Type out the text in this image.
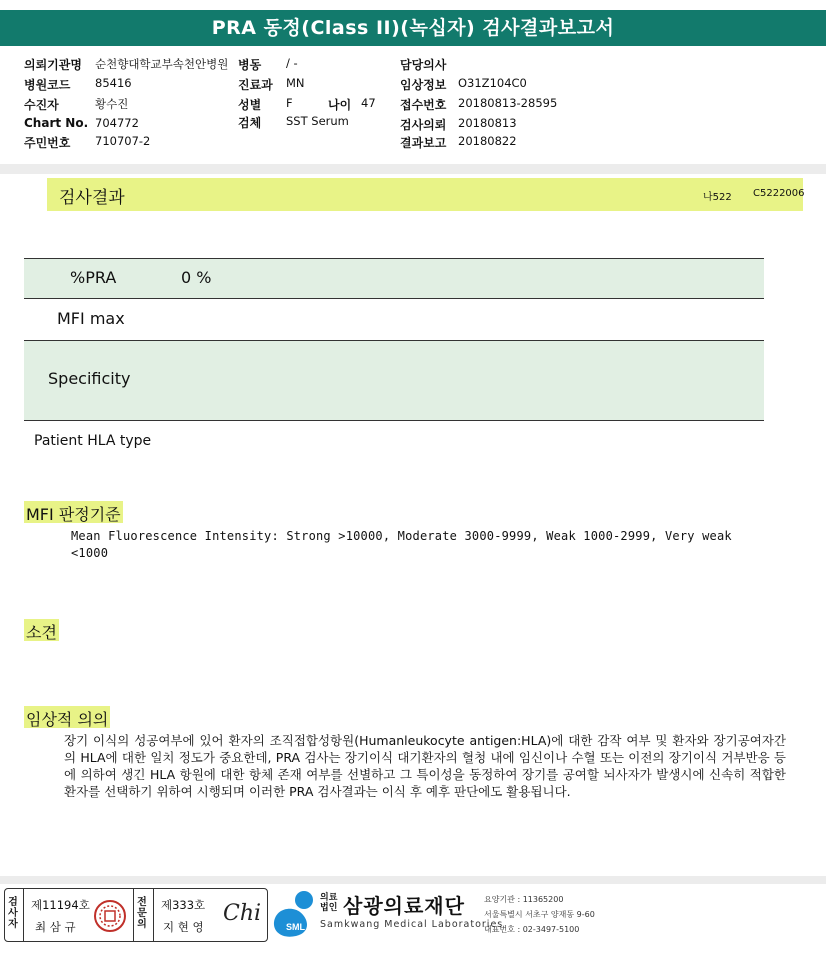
PRA 동정(Class II)(녹십자) 검사결과보고서
의뢰기관명 순천향대학교부속천안병원
병원코드 85416
수진자	황수진
Chart No. 704772
주민번호 710707-2
병동 / -
진료과 MN
성별 F	나이 47
검체 SST Serum
담당의사
임상정보 O31Z104C0
접수번호 20180813-28595
검사의뢰 20180813
결과보고 20180822
검사결과	나522 C5222006
%PRA	0 %
MFI max
Specificity
Patient HLA type
MFI 판정기준
Mean Fluorescence Intensity: Strong >10000, Moderate 3000-9999, Weak 1000-2999, Very weak
<1000
소견
임상적 의의
장기 이식의 성공여부에 있어 환자의 조직접합성항원(Humanleukocyte antigen:HLA)에 대한 감작 여부 및 환자와 장기공여자간의 HLA에 대한 일치 정도가 중요한데, PRA 검사는 장기이식 대기환자의 혈청 내에 임신이나 수혈 또는 이전의 장기이식 거부반응 등에 의하여 생긴 HLA 항원에 대한 항체 존재 여부를 선별하고 그 특이성을 동정하여 장기를 공여할 뇌사자가 발생시에 신속히 적합한 환자를 선택하기 위하여 시행되며 이러한 PRA 검사결과는 이식 후 예후 판단에도 활용됩니다.
검사자
제11194호
최 삼 규
전문의
제333호
지 현 영
Chi
SML
의료
법인 삼광의료재단
Samkwang Medical Laboratories
요양기관 : 11365200
서울특별시 서초구 양재동 9-60
대표번호 : 02-3497-5100
